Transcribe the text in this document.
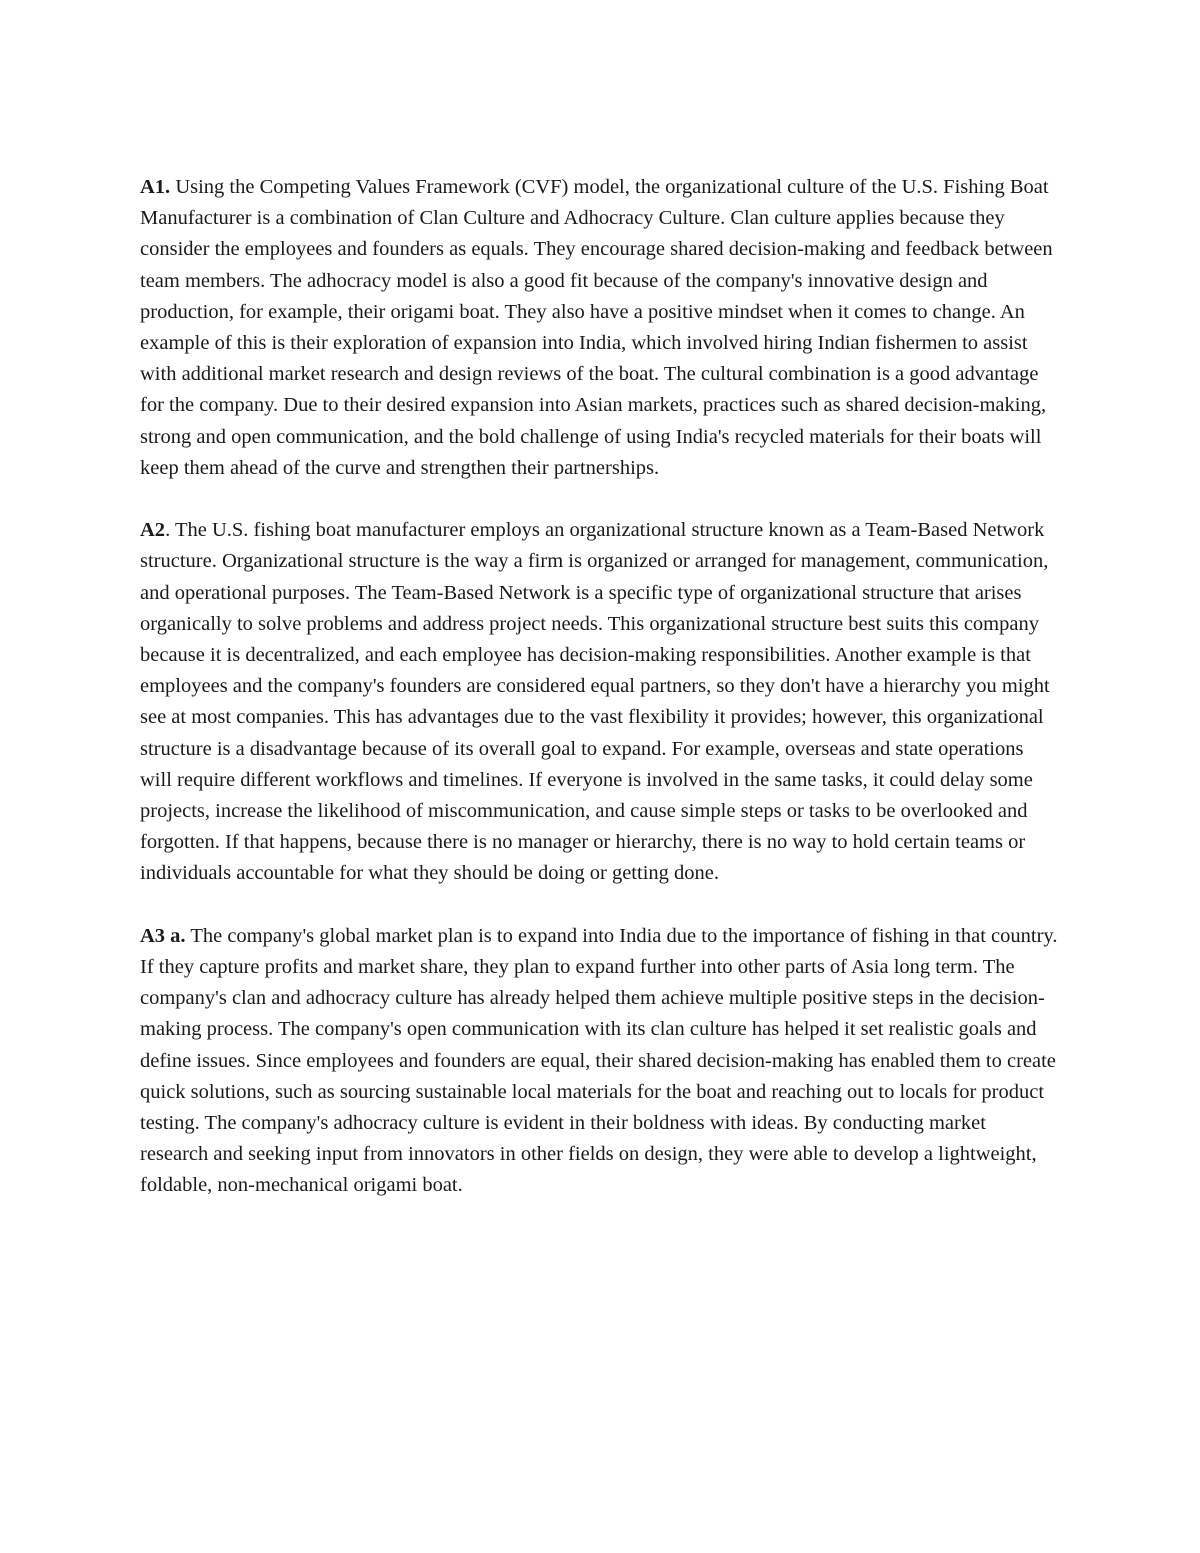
A1. Using the Competing Values Framework (CVF) model, the organizational culture of the U.S. Fishing Boat Manufacturer is a combination of Clan Culture and Adhocracy Culture. Clan culture applies because they consider the employees and founders as equals. They encourage shared decision-making and feedback between team members. The adhocracy model is also a good fit because of the company's innovative design and production, for example, their origami boat. They also have a positive mindset when it comes to change. An example of this is their exploration of expansion into India, which involved hiring Indian fishermen to assist with additional market research and design reviews of the boat. The cultural combination is a good advantage for the company. Due to their desired expansion into Asian markets, practices such as shared decision-making, strong and open communication, and the bold challenge of using India's recycled materials for their boats will keep them ahead of the curve and strengthen their partnerships.

A2. The U.S. fishing boat manufacturer employs an organizational structure known as a Team-Based Network structure. Organizational structure is the way a firm is organized or arranged for management, communication, and operational purposes. The Team-Based Network is a specific type of organizational structure that arises organically to solve problems and address project needs. This organizational structure best suits this company because it is decentralized, and each employee has decision-making responsibilities. Another example is that employees and the company's founders are considered equal partners, so they don't have a hierarchy you might see at most companies. This has advantages due to the vast flexibility it provides; however, this organizational structure is a disadvantage because of its overall goal to expand. For example, overseas and state operations will require different workflows and timelines. If everyone is involved in the same tasks, it could delay some projects, increase the likelihood of miscommunication, and cause simple steps or tasks to be overlooked and forgotten. If that happens, because there is no manager or hierarchy, there is no way to hold certain teams or individuals accountable for what they should be doing or getting done.

A3 a. The company's global market plan is to expand into India due to the importance of fishing in that country. If they capture profits and market share, they plan to expand further into other parts of Asia long term. The company's clan and adhocracy culture has already helped them achieve multiple positive steps in the decision-making process. The company's open communication with its clan culture has helped it set realistic goals and define issues. Since employees and founders are equal, their shared decision-making has enabled them to create quick solutions, such as sourcing sustainable local materials for the boat and reaching out to locals for product testing. The company's adhocracy culture is evident in their boldness with ideas. By conducting market research and seeking input from innovators in other fields on design, they were able to develop a lightweight, foldable, non-mechanical origami boat.
